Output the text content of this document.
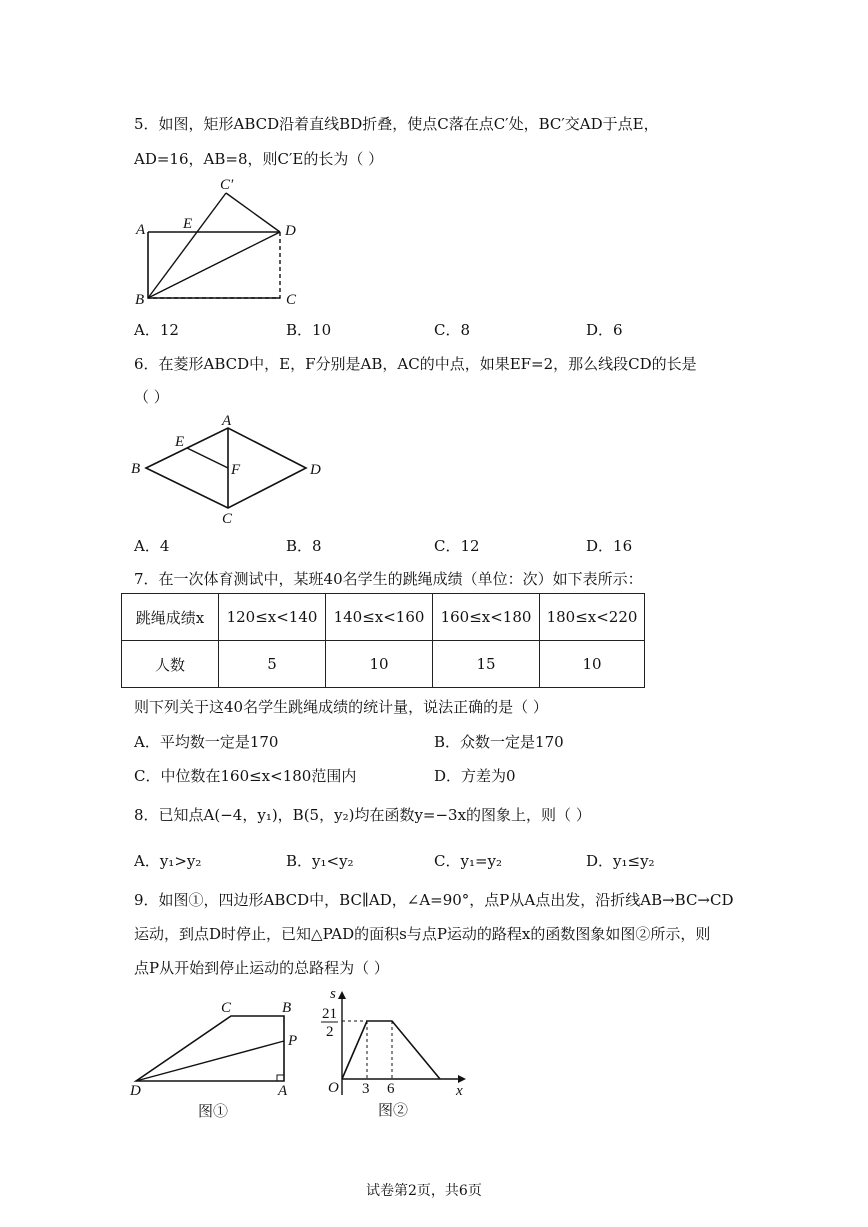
5．如图，矩形ABCD沿着直线BD折叠，使点C落在点C′处，BC′交AD于点E，
AD=16，AB=8，则C′E的长为（ ）
C′
A	E	D
B	C
A．12	B．10	C．8	D．6
6．在菱形ABCD中，E，F分别是AB，AC的中点，如果EF=2，那么线段CD的长是
（ ）
A
E
B	F	D
C
A．4	B．8	C．12	D．16
7．在一次体育测试中，某班40名学生的跳绳成绩（单位：次）如下表所示：
跳绳成绩x	120≤x<140	140≤x<160	160≤x<180	180≤x<220
人数	5	10	15	10
则下列关于这40名学生跳绳成绩的统计量，说法正确的是（ ）
A．平均数一定是170	B．众数一定是170
C．中位数在160≤x<180范围内	D．方差为0
8．已知点A(−4，y₁)，B(5，y₂)均在函数y=−3x的图象上，则（ ）
A．y₁>y₂	B．y₁<y₂	C．y₁=y₂	D．y₁≤y₂
9．如图①，四边形ABCD中，BC∥AD，∠A=90°，点P从A点出发，沿折线AB→BC→CD
运动，到点D时停止，已知△PAD的面积s与点P运动的路程x的函数图象如图②所示，则
点P从开始到停止运动的总路程为（ ）
C	B
P
D	A
图①
s
21
2
O 3 6	x
图②
试卷第2页，共6页
